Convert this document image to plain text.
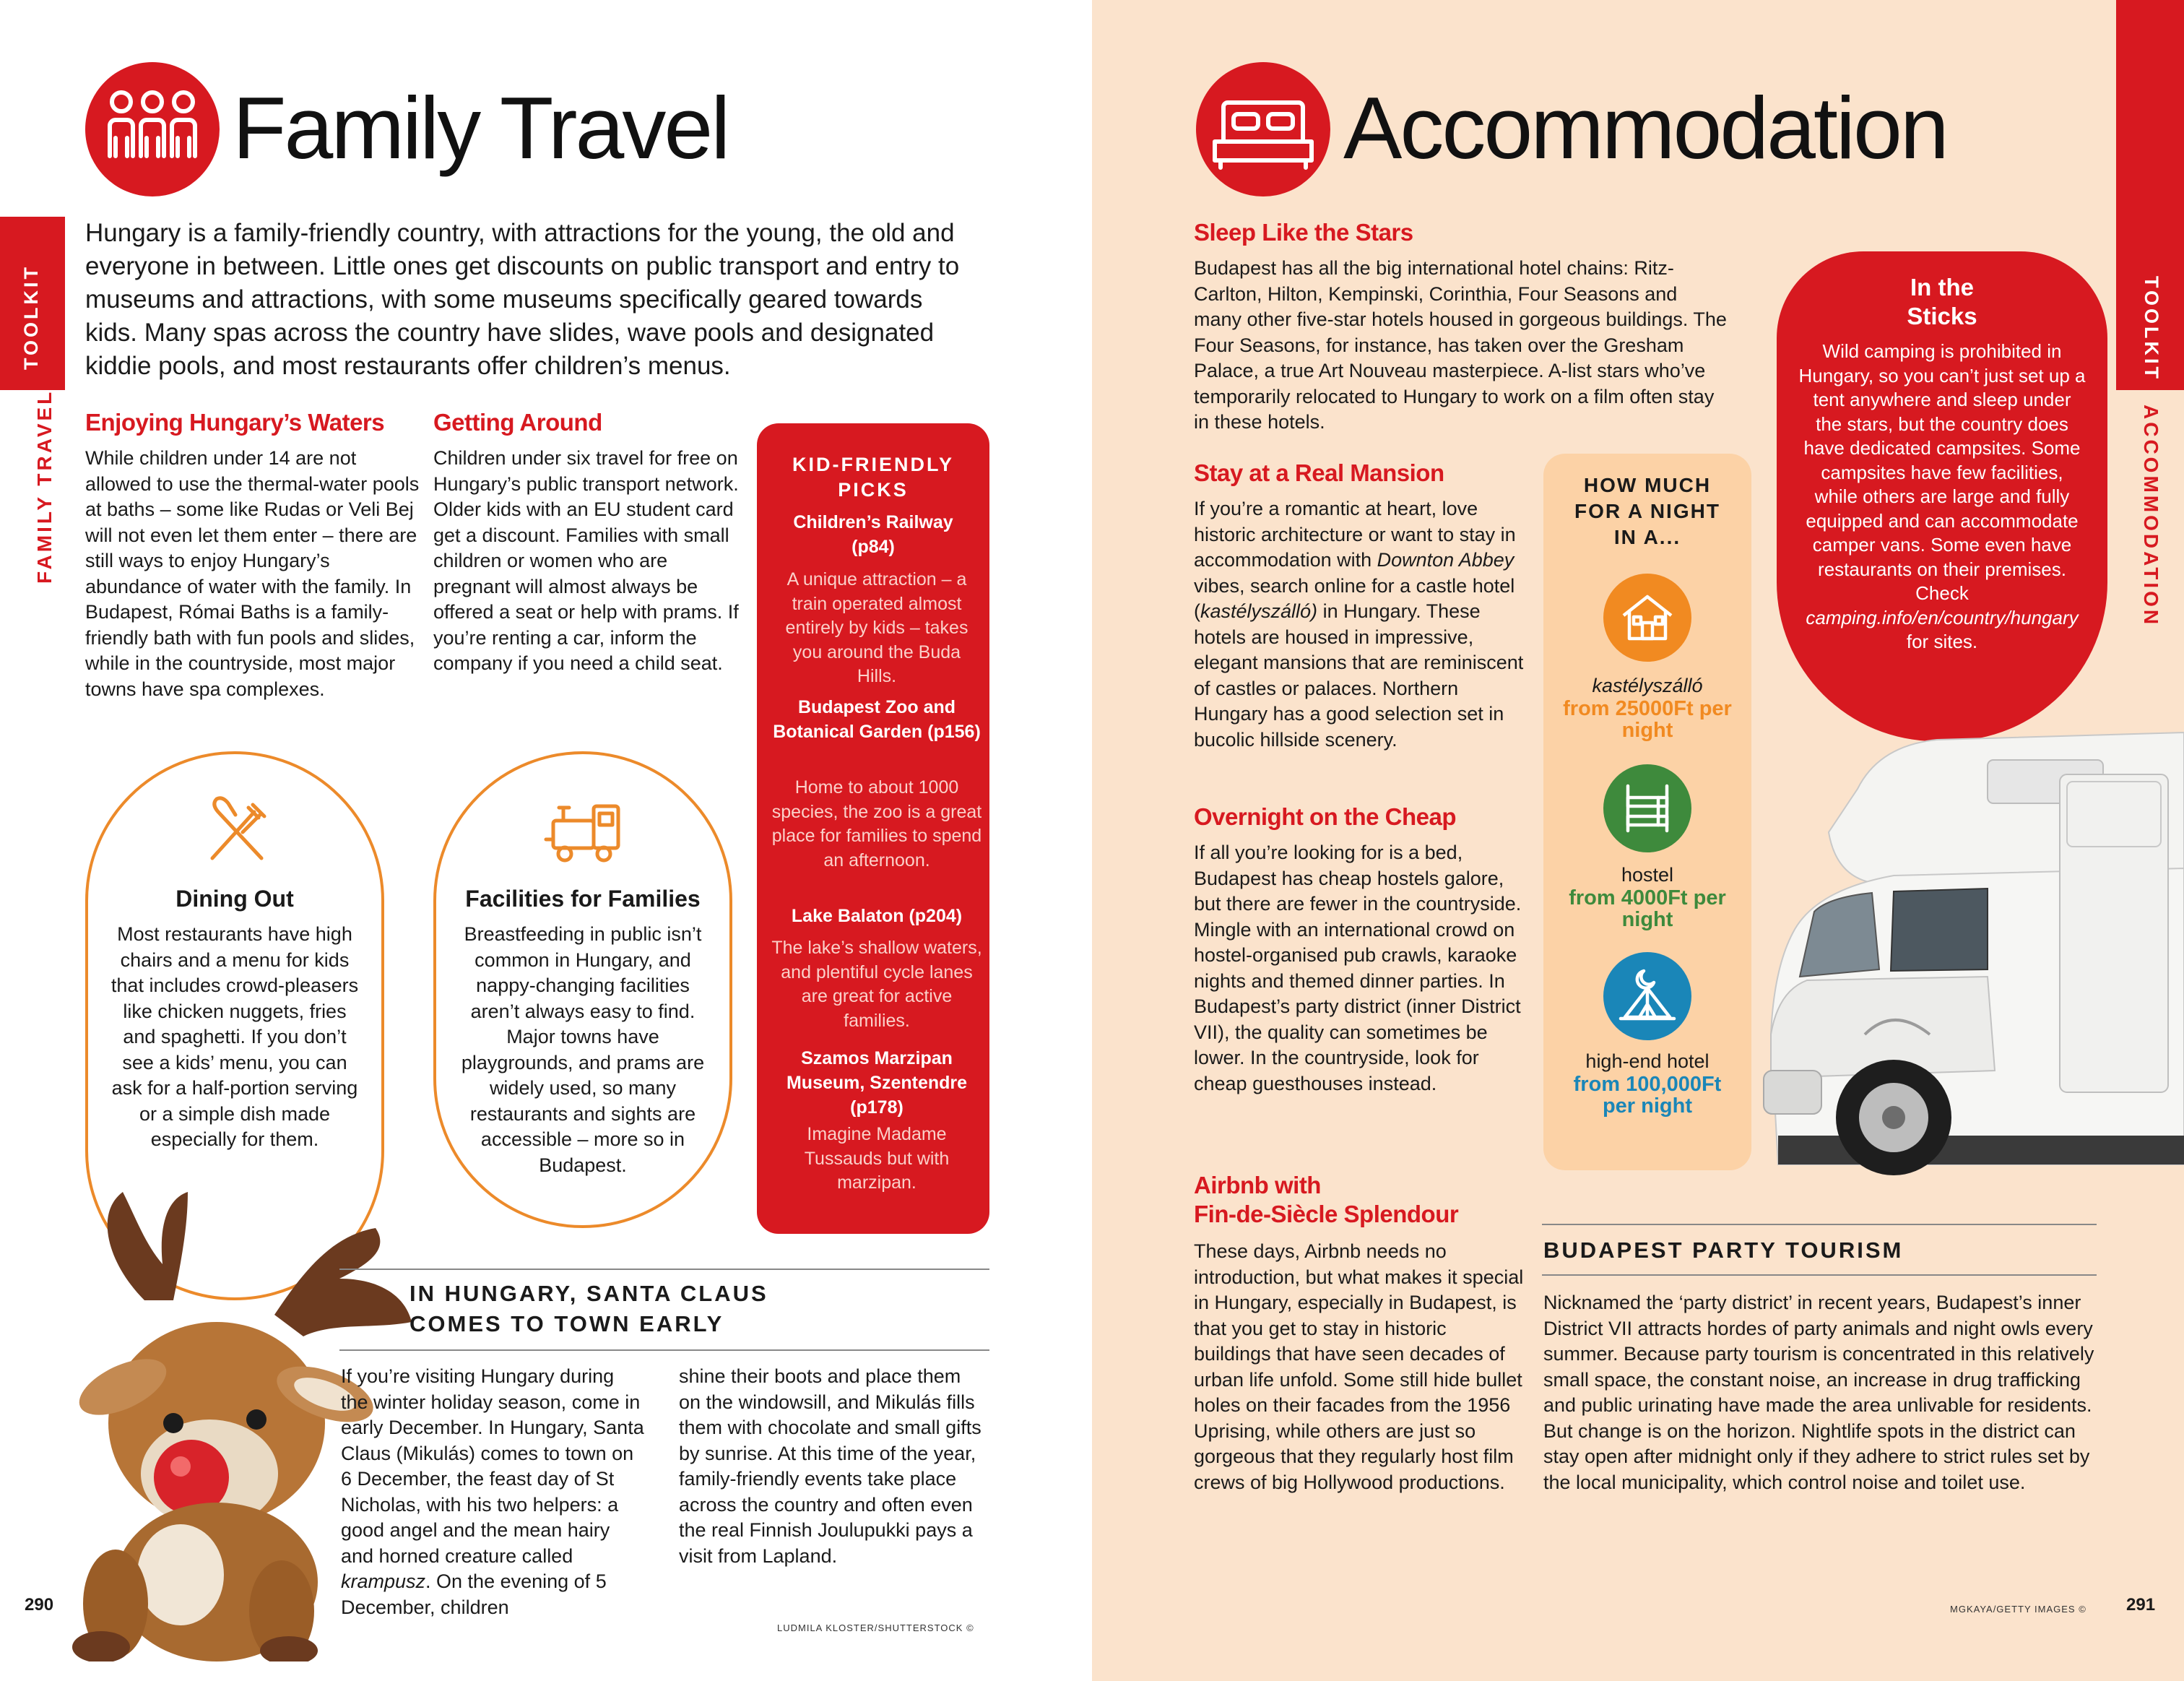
TOOLKIT
FAMILY TRAVEL
Family Travel
Hungary is a family-friendly country, with attractions for the young, the old and everyone in between. Little ones get discounts on public transport and entry to museums and attractions, with some museums specifically geared towards kids. Many spas across the country have slides, wave pools and designated kiddie pools, and most restaurants offer children’s menus.
Enjoying Hungary’s Waters
While children under 14 are not allowed to use the thermal-water pools at baths – some like Rudas or Veli Bej will not even let them enter – there are still ways to enjoy Hungary’s abundance of water with the family. In Budapest, Római Baths is a family-friendly bath with fun pools and slides, while in the countryside, most major towns have spa complexes.
Getting Around
Children under six travel for free on Hungary’s public transport network. Older kids with an EU student card get a discount. Families with small children or women who are pregnant will almost always be offered a seat or help with prams. If you’re renting a car, inform the company if you need a child seat.
KID-FRIENDLY PICKS
Children’s Railway (p84)
A unique attraction – a train operated almost entirely by kids – takes you around the Buda Hills.
Budapest Zoo and Botanical Garden (p156)
Home to about 1000 species, the zoo is a great place for families to spend an afternoon.
Lake Balaton (p204)
The lake’s shallow waters, and plentiful cycle lanes are great for active families.
Szamos Marzipan Museum, Szentendre (p178)
Imagine Madame Tussauds but with marzipan.
Dining Out
Most restaurants have high chairs and a menu for kids that includes crowd-pleasers like chicken nuggets, fries and spaghetti. If you don’t see a kids’ menu, you can ask for a half-portion serving or a simple dish made especially for them.
Facilities for Families
Breastfeeding in public isn’t common in Hungary, and nappy-changing facilities aren’t always easy to find. Major towns have playgrounds, and prams are widely used, so many restaurants and sights are accessible – more so in Budapest.
IN HUNGARY, SANTA CLAUS COMES TO TOWN EARLY
If you’re visiting Hungary during the winter holiday season, come in early December. In Hungary, Santa Claus (Mikulás) comes to town on 6 December, the feast day of St Nicholas, with his two helpers: a good angel and the mean hairy and horned creature called krampusz. On the evening of 5 December, children
shine their boots and place them on the windowsill, and Mikulás fills them with chocolate and small gifts by sunrise. At this time of the year, family-friendly events take place across the country and often even the real Finnish Joulupukki pays a visit from Lapland.
290
LUDMILA KLOSTER/SHUTTERSTOCK ©
TOOLKIT
ACCOMMODATION
Accommodation
Sleep Like the Stars
Budapest has all the big international hotel chains: Ritz-Carlton, Hilton, Kempinski, Corinthia, Four Seasons and many other five-star hotels housed in gorgeous buildings. The Four Seasons, for instance, has taken over the Gresham Palace, a true Art Nouveau masterpiece. A-list stars who’ve temporarily relocated to Hungary to work on a film often stay in these hotels.
Stay at a Real Mansion
If you’re a romantic at heart, love historic architecture or want to stay in accommodation with Downton Abbey vibes, search online for a castle hotel (kastélyszálló) in Hungary. These hotels are housed in impressive, elegant mansions that are reminiscent of castles or palaces. Northern Hungary has a good selection set in bucolic hillside scenery.
Overnight on the Cheap
If all you’re looking for is a bed, Budapest has cheap hostels galore, but there are fewer in the countryside. Mingle with an international crowd on hostel-organised pub crawls, karaoke nights and themed dinner parties. In Budapest’s party district (inner District VII), the quality can sometimes be lower. In the countryside, look for cheap guesthouses instead.
Airbnb with
Fin-de-Siècle Splendour
These days, Airbnb needs no introduction, but what makes it special in Hungary, especially in Budapest, is that you get to stay in historic buildings that have seen decades of urban life unfold. Some still hide bullet holes on their facades from the 1956 Uprising, while others are just so gorgeous that they regularly host film crews of big Hollywood productions.
HOW MUCH FOR A NIGHT IN A...
kastélyszálló
from 25000Ft per night
hostel
from 4000Ft per night
high-end hotel
from 100,000Ft per night
In the Sticks
Wild camping is prohibited in Hungary, so you can’t just set up a tent anywhere and sleep under the stars, but the country does have dedicated campsites. Some campsites have few facilities, while others are large and fully equipped and can accommodate camper vans. Some even have restaurants on their premises. Check camping.info/en/country/hungary for sites.
BUDAPEST PARTY TOURISM
Nicknamed the ‘party district’ in recent years, Budapest’s inner District VII attracts hordes of party animals and night owls every summer. Because party tourism is concentrated in this relatively small space, the constant noise, an increase in drug trafficking and public urinating have made the area unlivable for residents. But change is on the horizon. Nightlife spots in the district can stay open after midnight only if they adhere to strict rules set by the local municipality, which control noise and toilet use.
MGKAYA/GETTY IMAGES © 291
